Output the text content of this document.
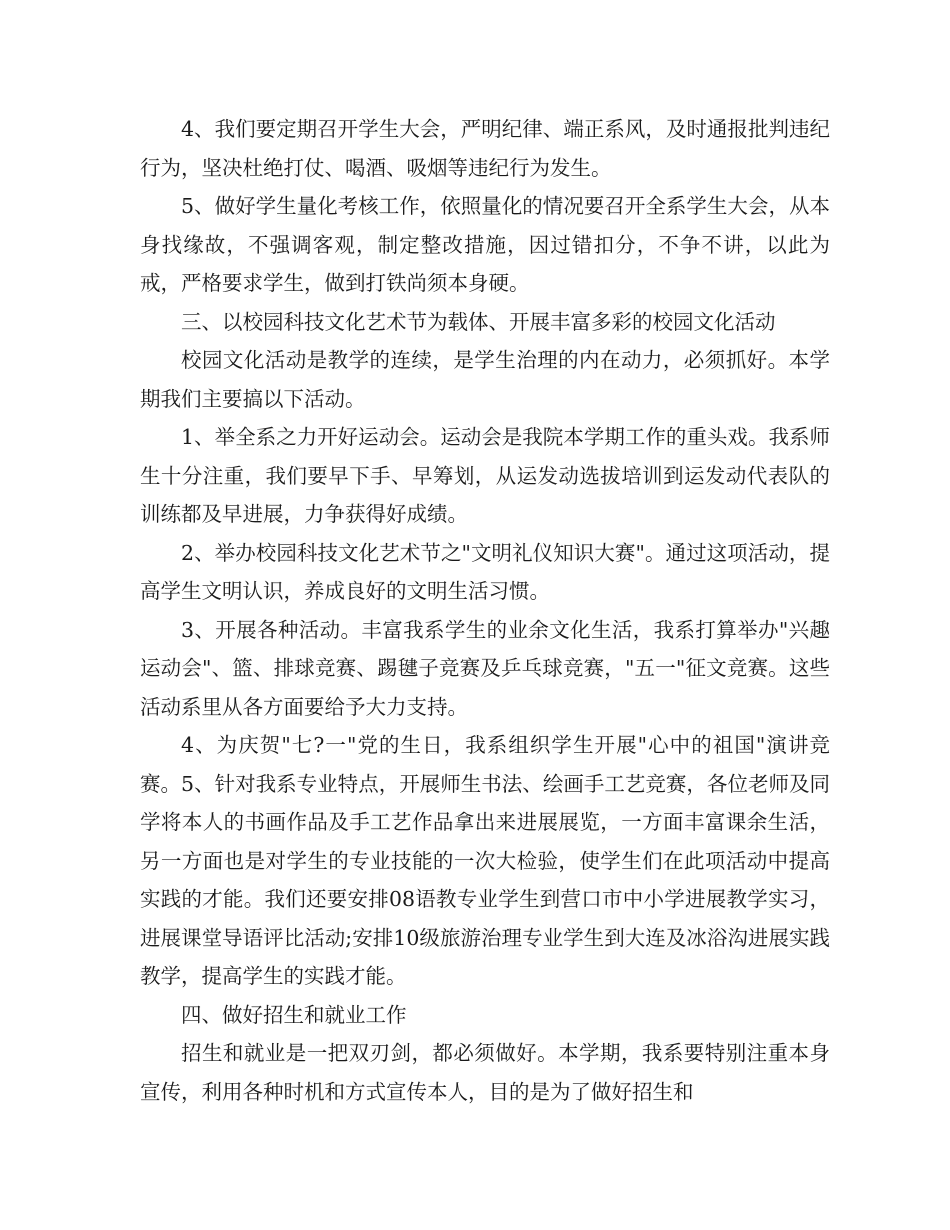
4、我们要定期召开学生大会，严明纪律、端正系风，及时通报批判违纪行为，坚决杜绝打仗、喝酒、吸烟等违纪行为发生。

5、做好学生量化考核工作，依照量化的情况要召开全系学生大会，从本身找缘故，不强调客观，制定整改措施，因过错扣分，不争不讲，以此为戒，严格要求学生，做到打铁尚须本身硬。

三、以校园科技文化艺术节为载体、开展丰富多彩的校园文化活动

校园文化活动是教学的连续，是学生治理的内在动力，必须抓好。本学期我们主要搞以下活动。

1、举全系之力开好运动会。运动会是我院本学期工作的重头戏。我系师生十分注重，我们要早下手、早筹划，从运发动选拔培训到运发动代表队的训练都及早进展，力争获得好成绩。

2、举办校园科技文化艺术节之"文明礼仪知识大赛"。通过这项活动，提高学生文明认识，养成良好的文明生活习惯。

3、开展各种活动。丰富我系学生的业余文化生活，我系打算举办"兴趣运动会"、篮、排球竞赛、踢毽子竞赛及乒乓球竞赛，"五一"征文竞赛。这些活动系里从各方面要给予大力支持。

4、为庆贺"七?一"党的生日，我系组织学生开展"心中的祖国"演讲竞赛。5、针对我系专业特点，开展师生书法、绘画手工艺竞赛，各位老师及同学将本人的书画作品及手工艺作品拿出来进展展览，一方面丰富课余生活，另一方面也是对学生的专业技能的一次大检验，使学生们在此项活动中提高实践的才能。我们还要安排08语教专业学生到营口市中小学进展教学实习，进展课堂导语评比活动;安排10级旅游治理专业学生到大连及冰浴沟进展实践教学，提高学生的实践才能。

四、做好招生和就业工作

招生和就业是一把双刃剑，都必须做好。本学期，我系要特别注重本身宣传，利用各种时机和方式宣传本人，目的是为了做好招生和
